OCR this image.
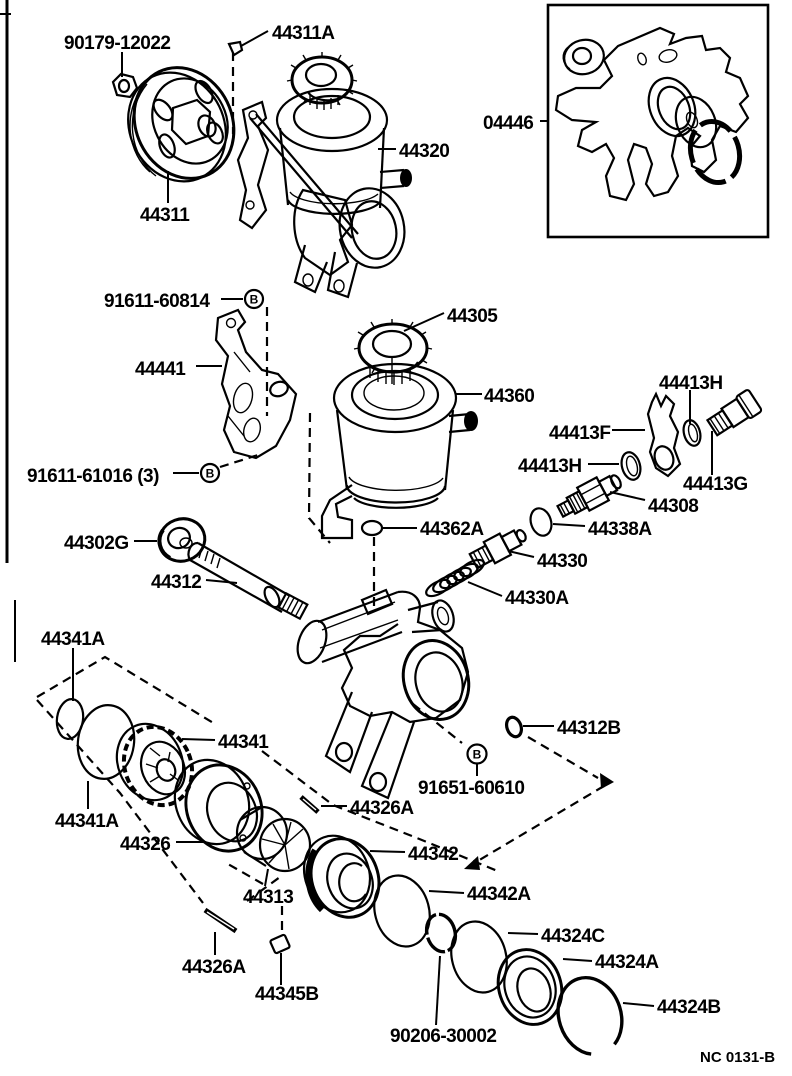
B
B
B
90179-12022	44311A
04446
44320
44311
91611-60814
44441
44305
44360
44413H
44413F
44413H
44413G
44308
91611-61016 (3)
44302G
44362A	44338A
44330
44312
44330A
44341A
44312B
44341
91651-60610
44326A
44341A
44326	44342
44313	44342A
44324C
44326A	44324A
44345B
44324B
90206-30002
NC 0131-B
